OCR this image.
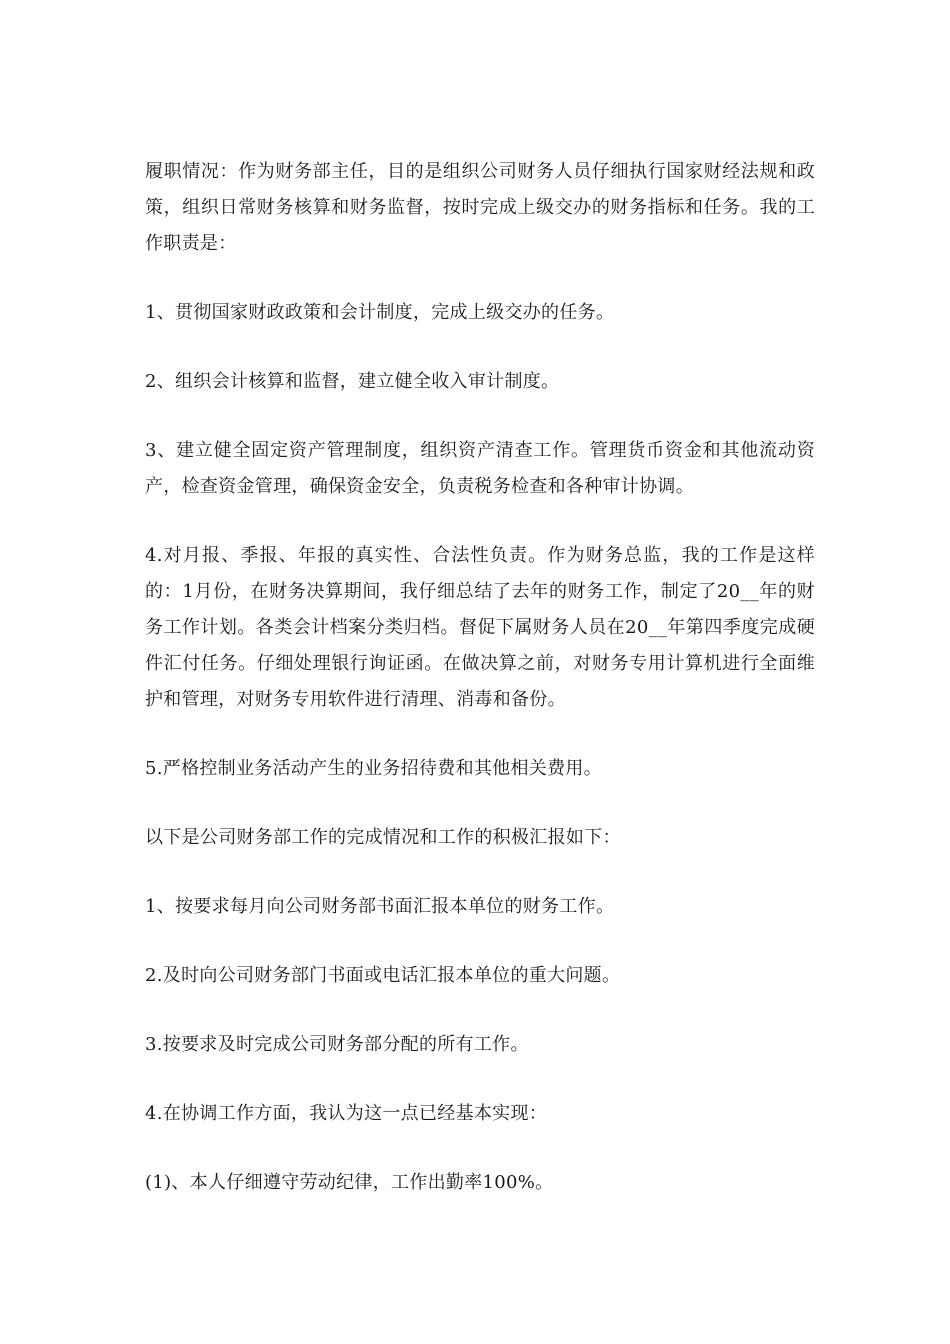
履职情况：作为财务部主任，目的是组织公司财务人员仔细执行国家财经法规和政策，组织日常财务核算和财务监督，按时完成上级交办的财务指标和任务。我的工作职责是：

1、贯彻国家财政政策和会计制度，完成上级交办的任务。

2、组织会计核算和监督，建立健全收入审计制度。

3、建立健全固定资产管理制度，组织资产清查工作。管理货币资金和其他流动资产，检查资金管理，确保资金安全，负责税务检查和各种审计协调。

4.对月报、季报、年报的真实性、合法性负责。作为财务总监，我的工作是这样的：1月份，在财务决算期间，我仔细总结了去年的财务工作，制定了20__年的财务工作计划。各类会计档案分类归档。督促下属财务人员在20__年第四季度完成硬件汇付任务。仔细处理银行询证函。在做决算之前，对财务专用计算机进行全面维护和管理，对财务专用软件进行清理、消毒和备份。

5.严格控制业务活动产生的业务招待费和其他相关费用。

以下是公司财务部工作的完成情况和工作的积极汇报如下：

1、按要求每月向公司财务部书面汇报本单位的财务工作。

2.及时向公司财务部门书面或电话汇报本单位的重大问题。

3.按要求及时完成公司财务部分配的所有工作。

4.在协调工作方面，我认为这一点已经基本实现：

(1)、本人仔细遵守劳动纪律，工作出勤率100%。
